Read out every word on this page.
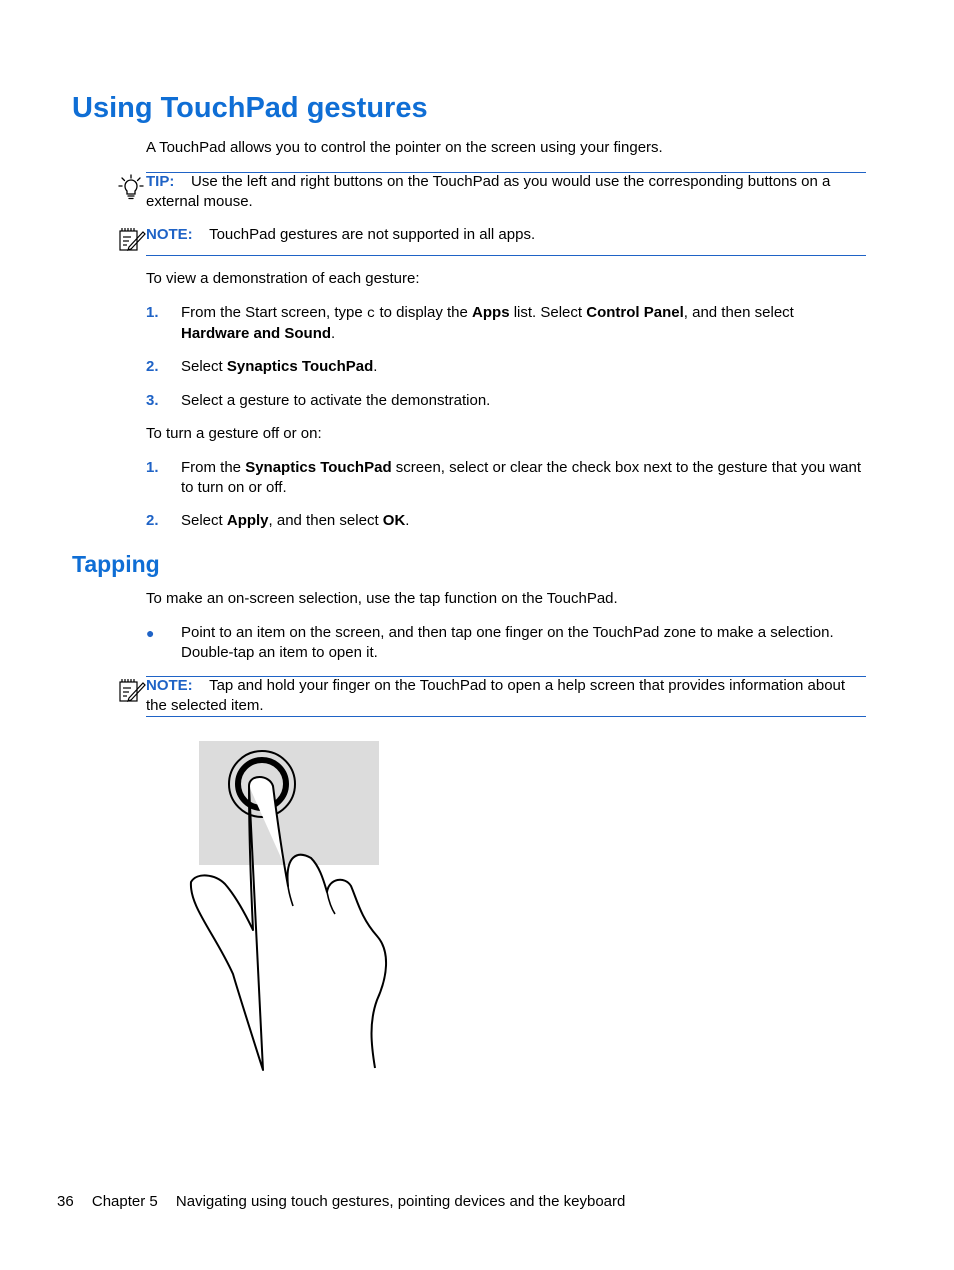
Using TouchPad gestures
A TouchPad allows you to control the pointer on the screen using your fingers.
TIP: Use the left and right buttons on the TouchPad as you would use the corresponding buttons on a external mouse.
NOTE: TouchPad gestures are not supported in all apps.
To view a demonstration of each gesture:
1. From the Start screen, type c to display the Apps list. Select Control Panel, and then select Hardware and Sound.
2. Select Synaptics TouchPad.
3. Select a gesture to activate the demonstration.
To turn a gesture off or on:
1. From the Synaptics TouchPad screen, select or clear the check box next to the gesture that you want to turn on or off.
2. Select Apply, and then select OK.
Tapping
To make an on-screen selection, use the tap function on the TouchPad.
● Point to an item on the screen, and then tap one finger on the TouchPad zone to make a selection. Double-tap an item to open it.
NOTE: Tap and hold your finger on the TouchPad to open a help screen that provides information about the selected item.
36 Chapter 5 Navigating using touch gestures, pointing devices and the keyboard
